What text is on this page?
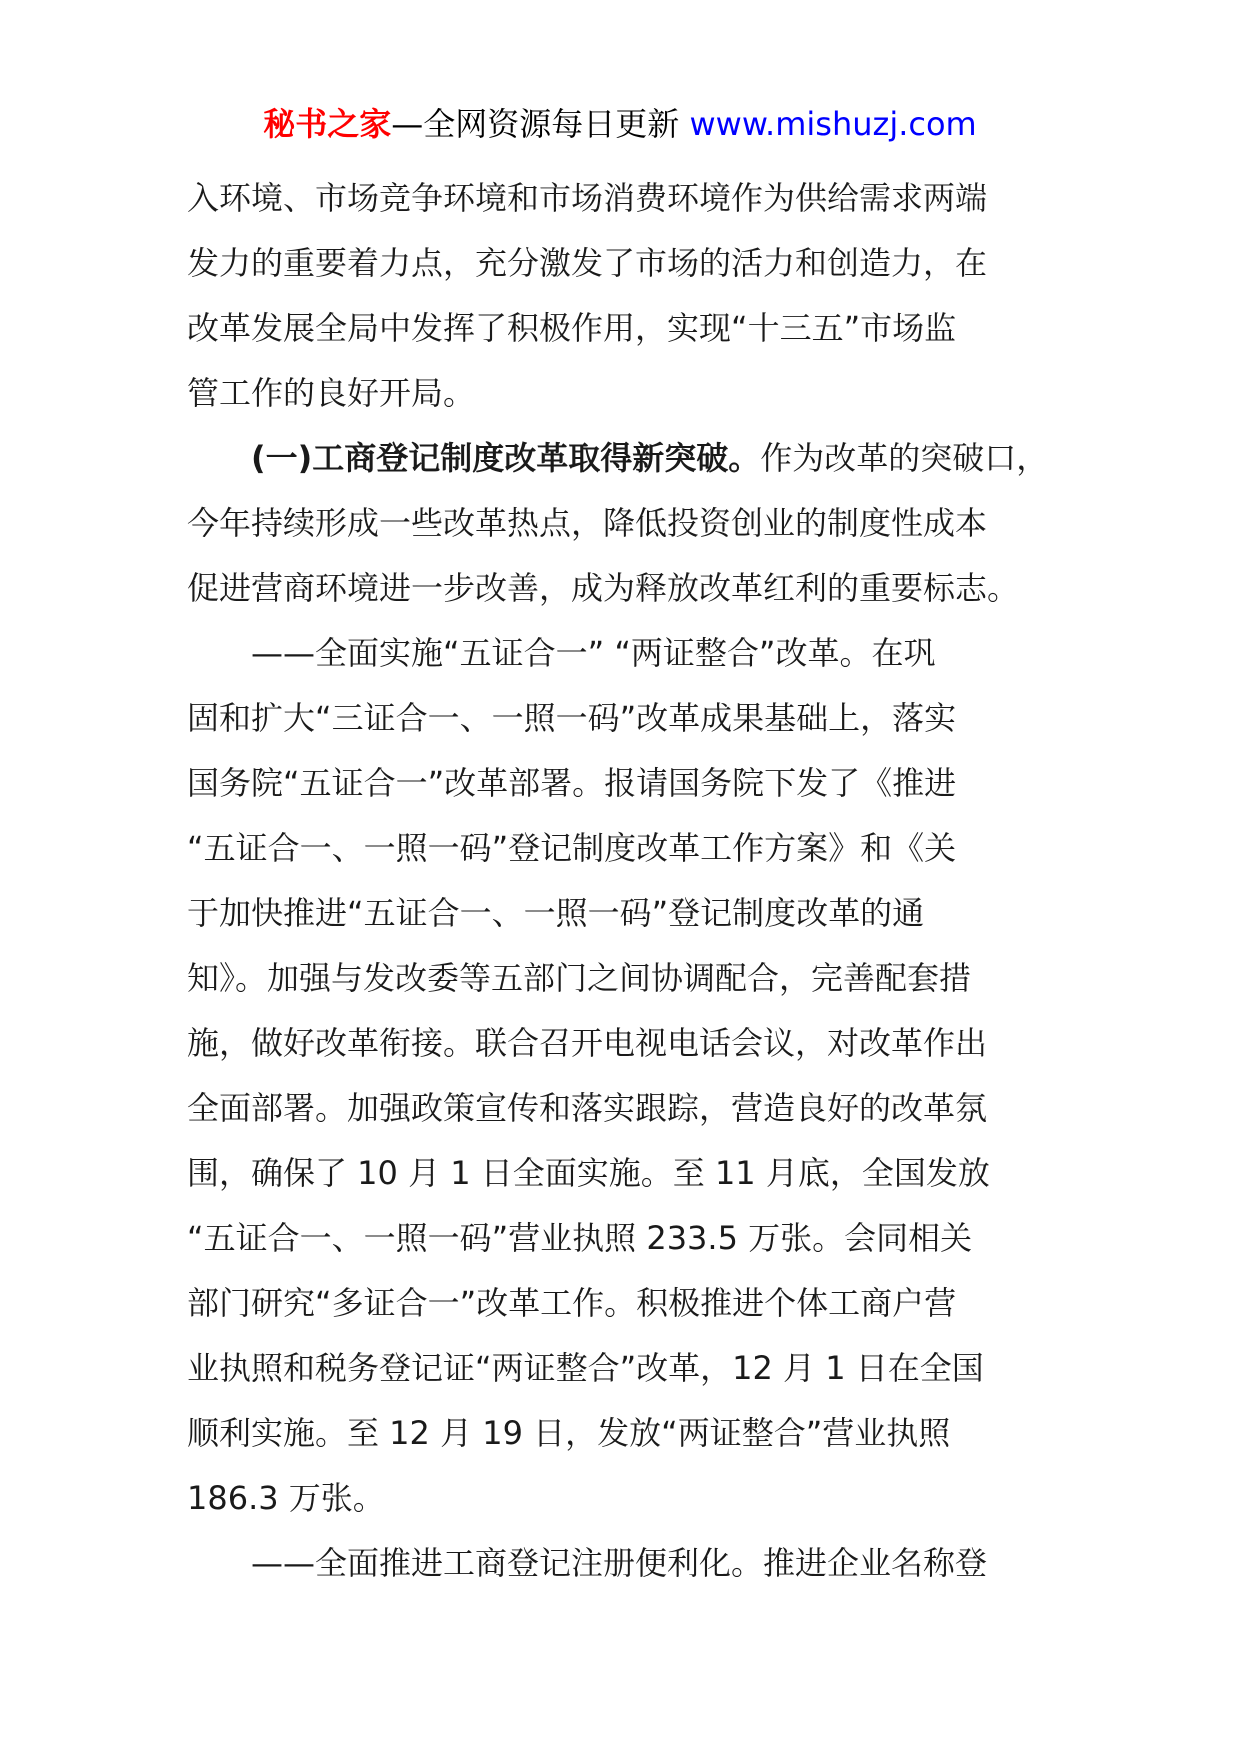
秘书之家—全网资源每日更新 www.mishuzj.com

入环境、市场竞争环境和市场消费环境作为供给需求两端
发力的重要着力点，充分激发了市场的活力和创造力，在
改革发展全局中发挥了积极作用，实现“十三五”市场监
管工作的良好开局。

(一)工商登记制度改革取得新突破。作为改革的突破口，
今年持续形成一些改革热点，降低投资创业的制度性成本
促进营商环境进一步改善，成为释放改革红利的重要标志。

——全面实施“五证合一” “两证整合”改革。在巩
固和扩大“三证合一、一照一码”改革成果基础上，落实
国务院“五证合一”改革部署。报请国务院下发了《推进
“五证合一、一照一码”登记制度改革工作方案》和《关
于加快推进“五证合一、一照一码”登记制度改革的通
知》。加强与发改委等五部门之间协调配合，完善配套措
施，做好改革衔接。联合召开电视电话会议，对改革作出
全面部署。加强政策宣传和落实跟踪，营造良好的改革氛
围，确保了 10 月 1 日全面实施。至 11 月底，全国发放
“五证合一、一照一码”营业执照 233.5 万张。会同相关
部门研究“多证合一”改革工作。积极推进个体工商户营
业执照和税务登记证“两证整合”改革，12 月 1 日在全国
顺利实施。至 12 月 19 日，发放“两证整合”营业执照
186.3 万张。

——全面推进工商登记注册便利化。推进企业名称登
